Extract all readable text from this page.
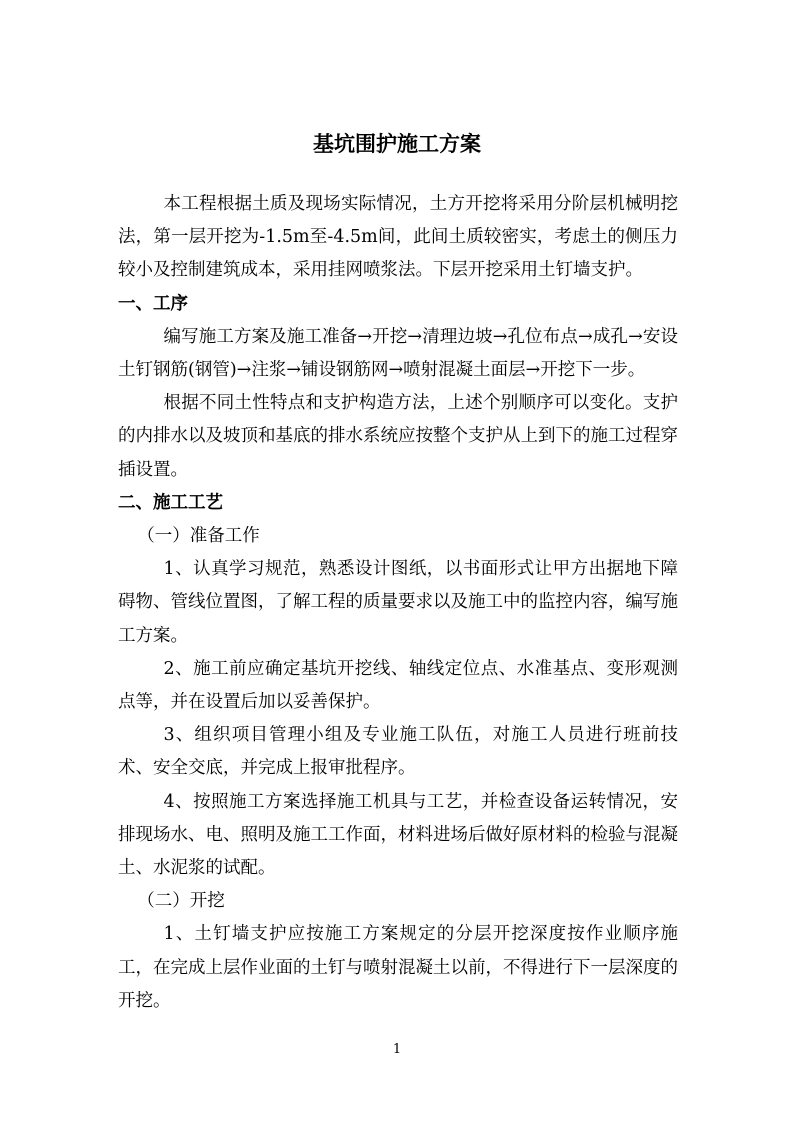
基坑围护施工方案

本工程根据土质及现场实际情况，土方开挖将采用分阶层机械明挖法，第一层开挖为-1.5m至-4.5m间，此间土质较密实，考虑土的侧压力较小及控制建筑成本，采用挂网喷浆法。下层开挖采用土钉墙支护。

一、工序

编写施工方案及施工准备→开挖→清理边坡→孔位布点→成孔→安设土钉钢筋(钢管)→注浆→铺设钢筋网→喷射混凝土面层→开挖下一步。

根据不同土性特点和支护构造方法，上述个别顺序可以变化。支护的内排水以及坡顶和基底的排水系统应按整个支护从上到下的施工过程穿插设置。

二、施工工艺

（一）准备工作

1、认真学习规范，熟悉设计图纸，以书面形式让甲方出据地下障碍物、管线位置图，了解工程的质量要求以及施工中的监控内容，编写施工方案。

2、施工前应确定基坑开挖线、轴线定位点、水准基点、变形观测点等，并在设置后加以妥善保护。

3、组织项目管理小组及专业施工队伍，对施工人员进行班前技术、安全交底，并完成上报审批程序。

4、按照施工方案选择施工机具与工艺，并检查设备运转情况，安排现场水、电、照明及施工工作面，材料进场后做好原材料的检验与混凝土、水泥浆的试配。

（二）开挖

1、土钉墙支护应按施工方案规定的分层开挖深度按作业顺序施工，在完成上层作业面的土钉与喷射混凝土以前，不得进行下一层深度的开挖。

1
